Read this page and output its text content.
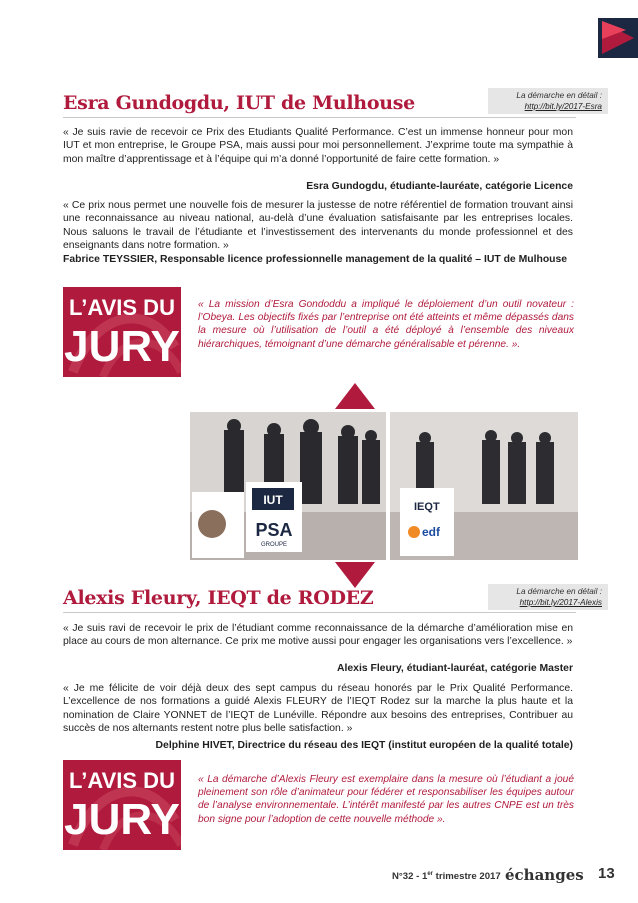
Esra Gundogdu, IUT de Mulhouse	La démarche en détail :
http://bit.ly/2017-Esra

« Je suis ravie de recevoir ce Prix des Etudiants Qualité Performance. C’est un immense honneur pour mon IUT et mon entreprise, le Groupe PSA, mais aussi pour moi personnellement. J’exprime toute ma sympathie à mon maître d’apprentissage et à l’équipe qui m’a donné l’opportunité de faire cette formation. »

Esra Gundogdu, étudiante-lauréate, catégorie Licence

« Ce prix nous permet une nouvelle fois de mesurer la justesse de notre référentiel de formation trouvant ainsi une reconnaissance au niveau national, au-delà d’une évaluation satisfaisante par les entreprises locales. Nous saluons le travail de l’étudiante et l’investissement des intervenants du monde professionnel et des enseignants dans notre formation. »

Fabrice TEYSSIER, Responsable licence professionnelle management de la qualité – IUT de Mulhouse

L’AVIS DU
JURY

« La mission d’Esra Gondoddu a impliqué le déploiement d’un outil novateur : l’Obeya. Les objectifs fixés par l’entreprise ont été atteints et même dépassés dans la mesure où l’utilisation de l’outil a été déployé à l’ensemble des niveaux hiérarchiques, témoignant d’une démarche généralisable et pérenne. ».

IUT
PSA
GROUPE
IEQT
edf
Alexis Fleury, IEQT de RODEZ	La démarche en détail :
http://bit.ly/2017-Alexis

« Je suis ravi de recevoir le prix de l’étudiant comme reconnaissance de la démarche d’amélioration mise en place au cours de mon alternance. Ce prix me motive aussi pour engager les organisations vers l’excellence. »

Alexis Fleury, étudiant-lauréat, catégorie Master

« Je me félicite de voir déjà deux des sept campus du réseau honorés par le Prix Qualité Performance. L’excellence de nos formations a guidé Alexis FLEURY de l’IEQT Rodez sur la marche la plus haute et la nomination de Claire YONNET de l’IEQT de Lunéville. Répondre aux besoins des entreprises, Contribuer au succès de nos alternants restent notre plus belle satisfaction. »

Delphine HIVET, Directrice du réseau des IEQT (institut européen de la qualité totale)

L’AVIS DU
JURY

« La démarche d’Alexis Fleury est exemplaire dans la mesure où l’étudiant a joué pleinement son rôle d’animateur pour fédérer et responsabiliser les équipes autour de l’analyse environnementale. L’intérêt manifesté par les autres CNPE est un très bon signe pour l’adoption de cette nouvelle méthode ».

N°32 - 1er trimestre 2017 échanges 13
